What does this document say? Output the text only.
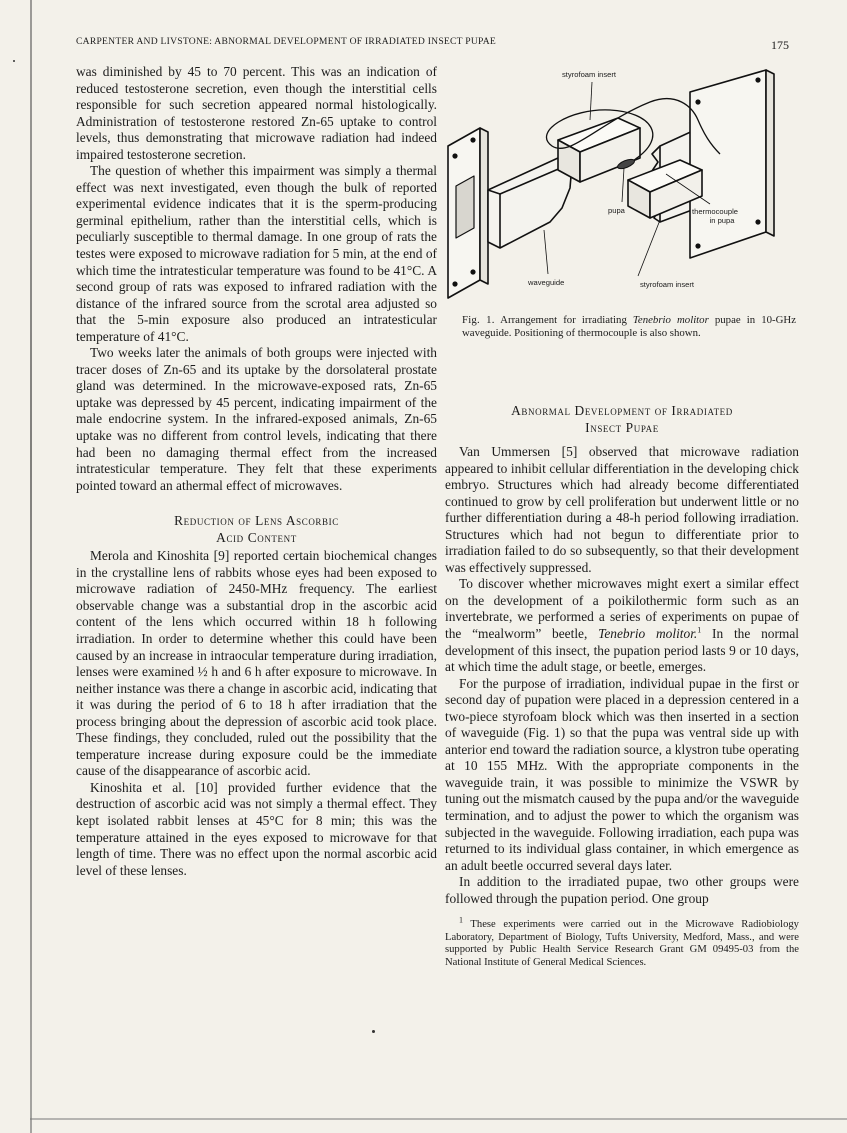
CARPENTER AND LIVSTONE: ABNORMAL DEVELOPMENT OF IRRADIATED INSECT PUPAE	175

was diminished by 45 to 70 percent. This was an indication of reduced testosterone secretion, even though the interstitial cells responsible for such secretion appeared normal histologically. Administration of testosterone restored Zn-65 uptake to control levels, thus demonstrating that microwave radiation had indeed impaired testosterone secretion.

The question of whether this impairment was simply a thermal effect was next investigated, even though the bulk of reported experimental evidence indicates that it is the sperm-producing germinal epithelium, rather than the interstitial cells, which is peculiarly susceptible to thermal damage. In one group of rats the testes were exposed to microwave radiation for 5 min, at the end of which time the intratesticular temperature was found to be 41°C. A second group of rats was exposed to infrared radiation with the distance of the infrared source from the scrotal area adjusted so that the 5-min exposure also produced an intratesticular temperature of 41°C.

Two weeks later the animals of both groups were injected with tracer doses of Zn-65 and its uptake by the dorsolateral prostate gland was determined. In the microwave-exposed rats, Zn-65 uptake was depressed by 45 percent, indicating impairment of the male endocrine system. In the infrared-exposed animals, Zn-65 uptake was no different from control levels, indicating that there had been no damaging thermal effect from the increased intratesticular temperature. They felt that these experiments pointed toward an athermal effect of microwaves.

Reduction of Lens Ascorbic
Acid Content

Merola and Kinoshita [9] reported certain biochemical changes in the crystalline lens of rabbits whose eyes had been exposed to microwave radiation of 2450-MHz frequency. The earliest observable change was a substantial drop in the ascorbic acid content of the lens which occurred within 18 h following irradiation. In order to determine whether this could have been caused by an increase in intraocular temperature during irradiation, lenses were examined ½ h and 6 h after exposure to microwave. In neither instance was there a change in ascorbic acid, indicating that it was during the period of 6 to 18 h after irradiation that the process bringing about the depression of ascorbic acid took place. These findings, they concluded, ruled out the possibility that the temperature increase during exposure could be the immediate cause of the disappearance of ascorbic acid.

Kinoshita et al. [10] provided further evidence that the destruction of ascorbic acid was not simply a thermal effect. They kept isolated rabbit lenses at 45°C for 8 min; this was the temperature attained in the eyes exposed to microwave for that length of time. There was no effect upon the normal ascorbic acid level of these lenses.

styrofoam insert
pupa	thermocouple
in pupa
waveguide	styrofoam insert
Fig. 1. Arrangement for irradiating Tenebrio molitor pupae in 10-GHz waveguide. Positioning of thermocouple is also shown.
Abnormal Development of Irradiated
Insect Pupae

Van Ummersen [5] observed that microwave radiation appeared to inhibit cellular differentiation in the developing chick embryo. Structures which had already become differentiated continued to grow by cell proliferation but underwent little or no further differentiation during a 48-h period following irradiation. Structures which had not begun to differentiate prior to irradiation failed to do so subsequently, so that their development was effectively suppressed.

To discover whether microwaves might exert a similar effect on the development of a poikilothermic form such as an invertebrate, we performed a series of experiments on pupae of the “mealworm” beetle, Tenebrio molitor.$^1$ In the normal development of this insect, the pupation period lasts 9 or 10 days, at which time the adult stage, or beetle, emerges.

For the purpose of irradiation, individual pupae in the first or second day of pupation were placed in a depression centered in a two-piece styrofoam block which was then inserted in a section of waveguide (Fig. 1) so that the pupa was ventral side up with anterior end toward the radiation source, a klystron tube operating at 10 155 MHz. With the appropriate components in the waveguide train, it was possible to minimize the VSWR by tuning out the mismatch caused by the pupa and/or the waveguide termination, and to adjust the power to which the organism was subjected in the waveguide. Following irradiation, each pupa was returned to its individual glass container, in which emergence as an adult beetle occurred several days later.

In addition to the irradiated pupae, two other groups were followed through the pupation period. One group

$^1$ These experiments were carried out in the Microwave Radiobiology Laboratory, Department of Biology, Tufts University, Medford, Mass., and were supported by Public Health Service Research Grant GM 09495-03 from the National Institute of General Medical Sciences.
